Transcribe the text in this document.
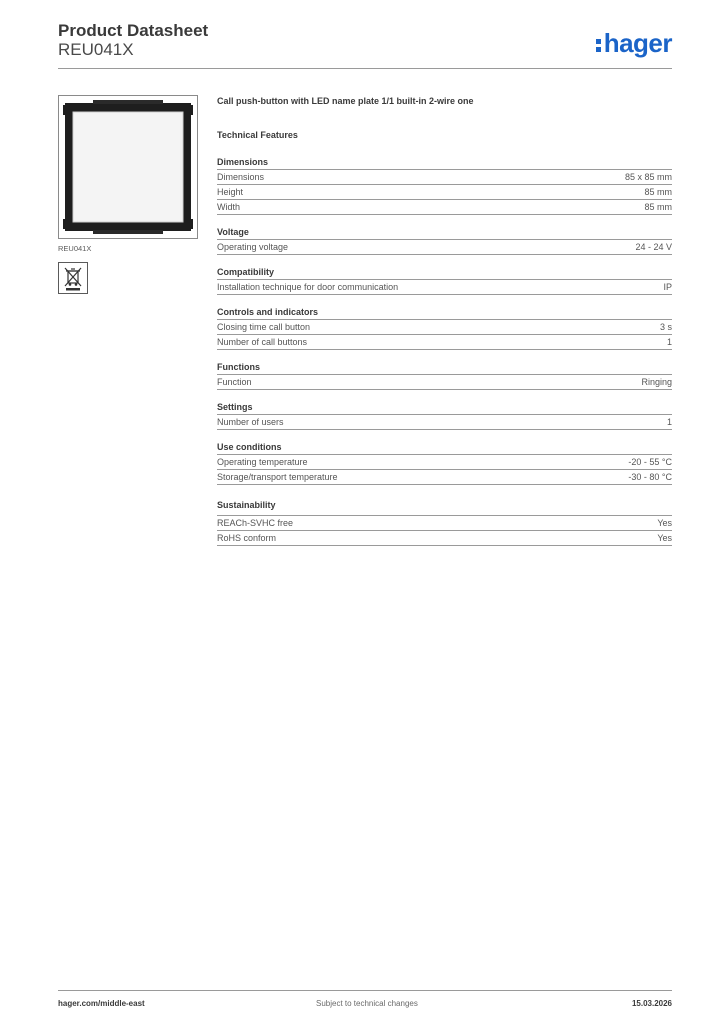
Product Datasheet
REU041X	hager
REU041X
Call push-button with LED name plate 1/1 built-in 2-wire one
Technical Features
Dimensions
Dimensions	85 x 85 mm
Height	85 mm
Width	85 mm
Voltage
Operating voltage	24 - 24 V
Compatibility
Installation technique for door communication	IP
Controls and indicators
Closing time call button	3 s
Number of call buttons	1
Functions
Function	Ringing
Settings
Number of users	1
Use conditions
Operating temperature	-20 - 55 °C
Storage/transport temperature	-30 - 80 °C
Sustainability
REACh-SVHC free	Yes
RoHS conform	Yes
hager.com/middle-east	Subject to technical changes	15.03.2026
